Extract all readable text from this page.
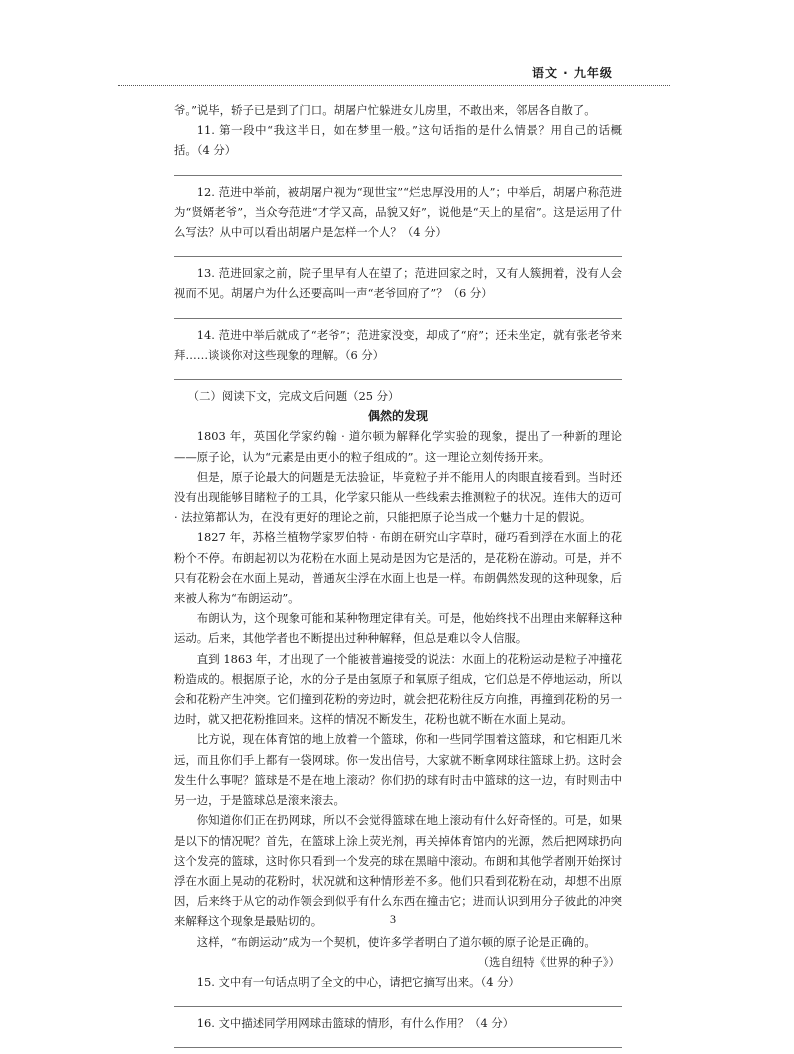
语文 · 九年级

爷。”说毕，轿子已是到了门口。胡屠户忙躲进女儿房里，不敢出来，邻居各自散了。

11. 第一段中“我这半日，如在梦里一般。”这句话指的是什么情景？用自己的话概括。（4 分）

12. 范进中举前，被胡屠户视为“现世宝”“烂忠厚没用的人”；中举后，胡屠户称范进为“贤婿老爷”，当众夸范进“才学又高，品貌又好”，说他是“天上的星宿”。这是运用了什么写法？从中可以看出胡屠户是怎样一个人？（4 分）

13. 范进回家之前，院子里早有人在望了；范进回家之时，又有人簇拥着，没有人会视而不见。胡屠户为什么还要高叫一声“老爷回府了”？（6 分）

14. 范进中举后就成了“老爷”；范进家没变，却成了“府”；还未坐定，就有张老爷来拜……谈谈你对这些现象的理解。（6 分）

（二）阅读下文，完成文后问题（25 分）

偶然的发现

1803 年，英国化学家约翰 · 道尔顿为解释化学实验的现象，提出了一种新的理论——原子论，认为“元素是由更小的粒子组成的”。这一理论立刻传扬开来。

但是，原子论最大的问题是无法验证，毕竟粒子并不能用人的肉眼直接看到。当时还没有出现能够目睹粒子的工具，化学家只能从一些线索去推测粒子的状况。连伟大的迈可 · 法拉第都认为，在没有更好的理论之前，只能把原子论当成一个魅力十足的假说。

1827 年，苏格兰植物学家罗伯特 · 布朗在研究山字草时，碰巧看到浮在水面上的花粉个不停。布朗起初以为花粉在水面上晃动是因为它是活的，是花粉在游动。可是，并不只有花粉会在水面上晃动，普通灰尘浮在水面上也是一样。布朗偶然发现的这种现象，后来被人称为“布朗运动”。

布朗认为，这个现象可能和某种物理定律有关。可是，他始终找不出理由来解释这种运动。后来，其他学者也不断提出过种种解释，但总是难以令人信服。

直到 1863 年，才出现了一个能被普遍接受的说法：水面上的花粉运动是粒子冲撞花粉造成的。根据原子论，水的分子是由氢原子和氧原子组成，它们总是不停地运动，所以会和花粉产生冲突。它们撞到花粉的旁边时，就会把花粉往反方向推，再撞到花粉的另一边时，就又把花粉推回来。这样的情况不断发生，花粉也就不断在水面上晃动。

比方说，现在体育馆的地上放着一个篮球，你和一些同学围着这篮球，和它相距几米远，而且你们手上都有一袋网球。你一发出信号，大家就不断拿网球往篮球上扔。这时会发生什么事呢？篮球是不是在地上滚动？你们扔的球有时击中篮球的这一边，有时则击中另一边，于是篮球总是滚来滚去。

你知道你们正在扔网球，所以不会觉得篮球在地上滚动有什么好奇怪的。可是，如果是以下的情况呢？首先，在篮球上涂上荧光剂，再关掉体育馆内的光源，然后把网球扔向这个发亮的篮球，这时你只看到一个发亮的球在黑暗中滚动。布朗和其他学者刚开始探讨浮在水面上晃动的花粉时，状况就和这种情形差不多。他们只看到花粉在动，却想不出原因，后来终于从它的动作领会到似乎有什么东西在撞击它；进而认识到用分子彼此的冲突来解释这个现象是最贴切的。

这样，“布朗运动”成为一个契机，使许多学者明白了道尔顿的原子论是正确的。

（选自纽特《世界的种子》）

15. 文中有一句话点明了全文的中心，请把它摘写出来。（4 分）

16. 文中描述同学用网球击篮球的情形，有什么作用？（4 分）

3
